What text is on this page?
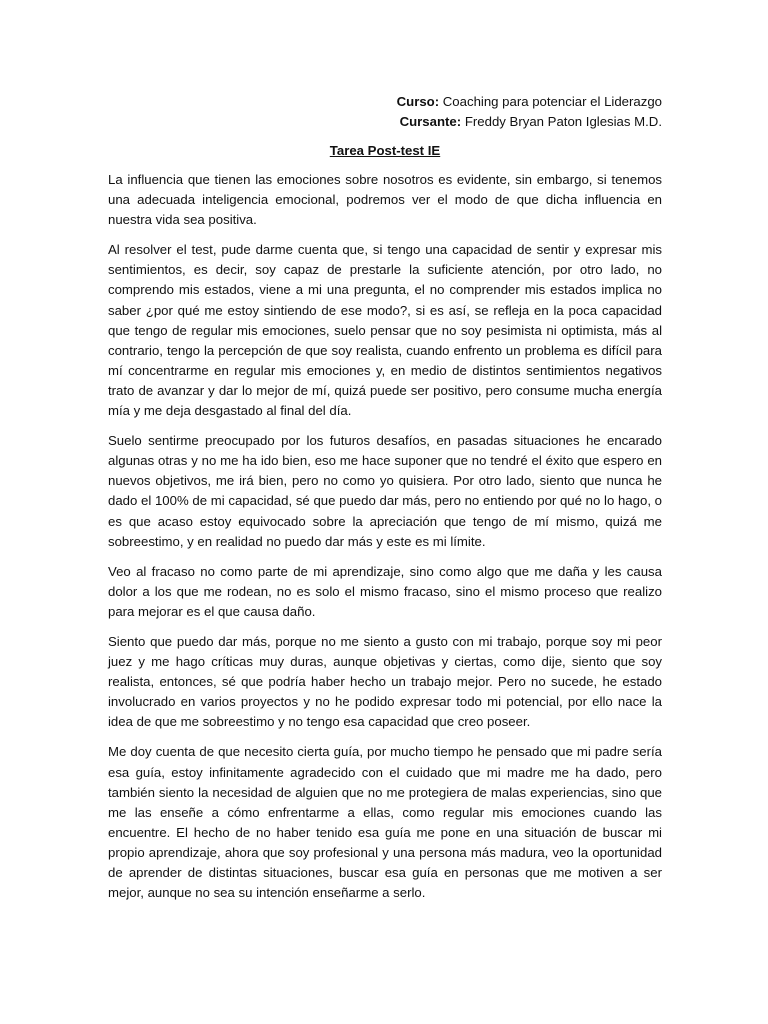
Curso: Coaching para potenciar el Liderazgo
Cursante: Freddy Bryan Paton Iglesias M.D.
Tarea Post-test IE

La influencia que tienen las emociones sobre nosotros es evidente, sin embargo, si tenemos una adecuada inteligencia emocional, podremos ver el modo de que dicha influencia en nuestra vida sea positiva.

Al resolver el test, pude darme cuenta que, si tengo una capacidad de sentir y expresar mis sentimientos, es decir, soy capaz de prestarle la suficiente atención, por otro lado, no comprendo mis estados, viene a mi una pregunta, el no comprender mis estados implica no saber ¿por qué me estoy sintiendo de ese modo?, si es así, se refleja en la poca capacidad que tengo de regular mis emociones, suelo pensar que no soy pesimista ni optimista, más al contrario, tengo la percepción de que soy realista, cuando enfrento un problema es difícil para mí concentrarme en regular mis emociones y, en medio de distintos sentimientos negativos trato de avanzar y dar lo mejor de mí, quizá puede ser positivo, pero consume mucha energía mía y me deja desgastado al final del día.

Suelo sentirme preocupado por los futuros desafíos, en pasadas situaciones he encarado algunas otras y no me ha ido bien, eso me hace suponer que no tendré el éxito que espero en nuevos objetivos, me irá bien, pero no como yo quisiera. Por otro lado, siento que nunca he dado el 100% de mi capacidad, sé que puedo dar más, pero no entiendo por qué no lo hago, o es que acaso estoy equivocado sobre la apreciación que tengo de mí mismo, quizá me sobreestimo, y en realidad no puedo dar más y este es mi límite.

Veo al fracaso no como parte de mi aprendizaje, sino como algo que me daña y les causa dolor a los que me rodean, no es solo el mismo fracaso, sino el mismo proceso que realizo para mejorar es el que causa daño.

Siento que puedo dar más, porque no me siento a gusto con mi trabajo, porque soy mi peor juez y me hago críticas muy duras, aunque objetivas y ciertas, como dije, siento que soy realista, entonces, sé que podría haber hecho un trabajo mejor. Pero no sucede, he estado involucrado en varios proyectos y no he podido expresar todo mi potencial, por ello nace la idea de que me sobreestimo y no tengo esa capacidad que creo poseer.

Me doy cuenta de que necesito cierta guía, por mucho tiempo he pensado que mi padre sería esa guía, estoy infinitamente agradecido con el cuidado que mi madre me ha dado, pero también siento la necesidad de alguien que no me protegiera de malas experiencias, sino que me las enseñe a cómo enfrentarme a ellas, como regular mis emociones cuando las encuentre. El hecho de no haber tenido esa guía me pone en una situación de buscar mi propio aprendizaje, ahora que soy profesional y una persona más madura, veo la oportunidad de aprender de distintas situaciones, buscar esa guía en personas que me motiven a ser mejor, aunque no sea su intención enseñarme a serlo.
